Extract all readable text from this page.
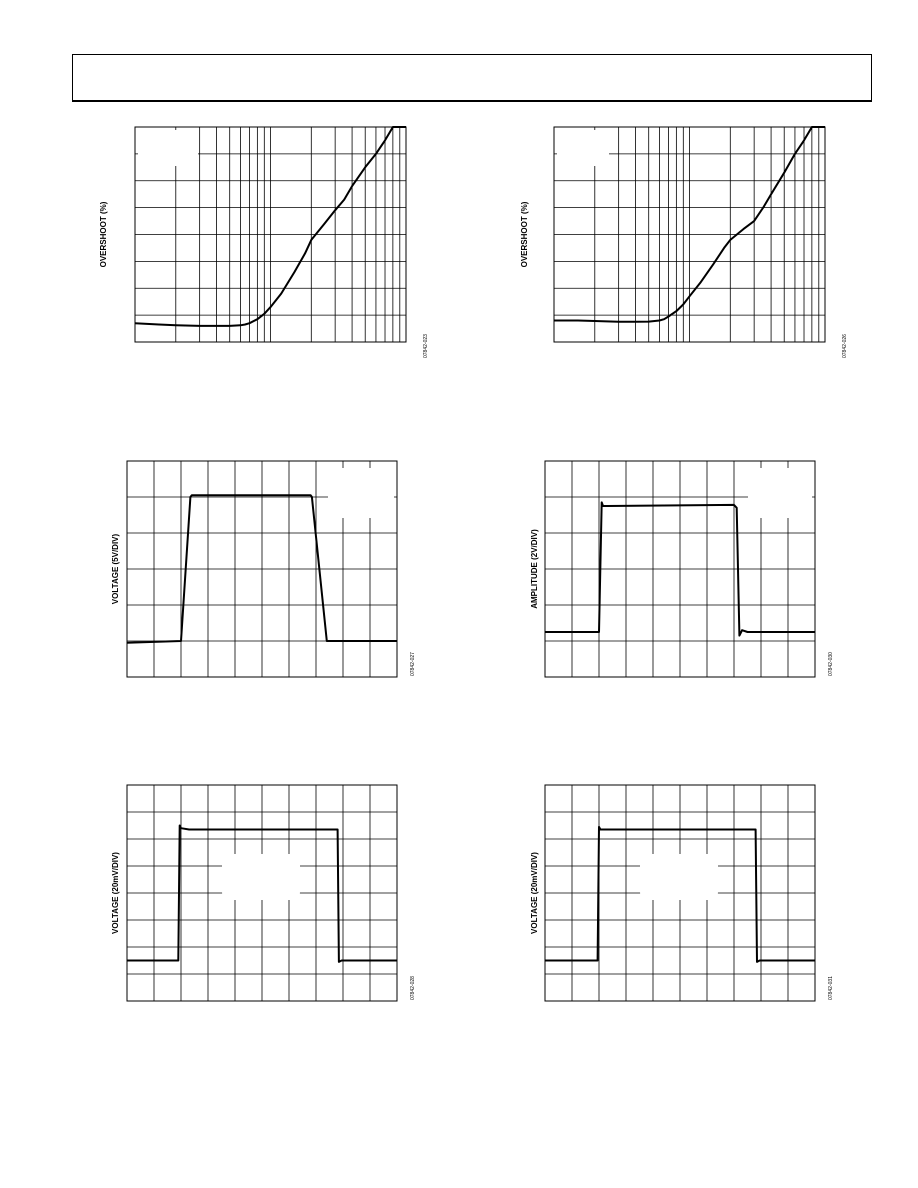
OVERSHOOT (%)
07842-023
OVERSHOOT (%)
07842-026
VOLTAGE (5V/DIV)
07842-027
AMPLITUDE (2V/DIV)
07842-030
VOLTAGE (20mV/DIV)
07842-028
VOLTAGE (20mV/DIV)
07842-031
